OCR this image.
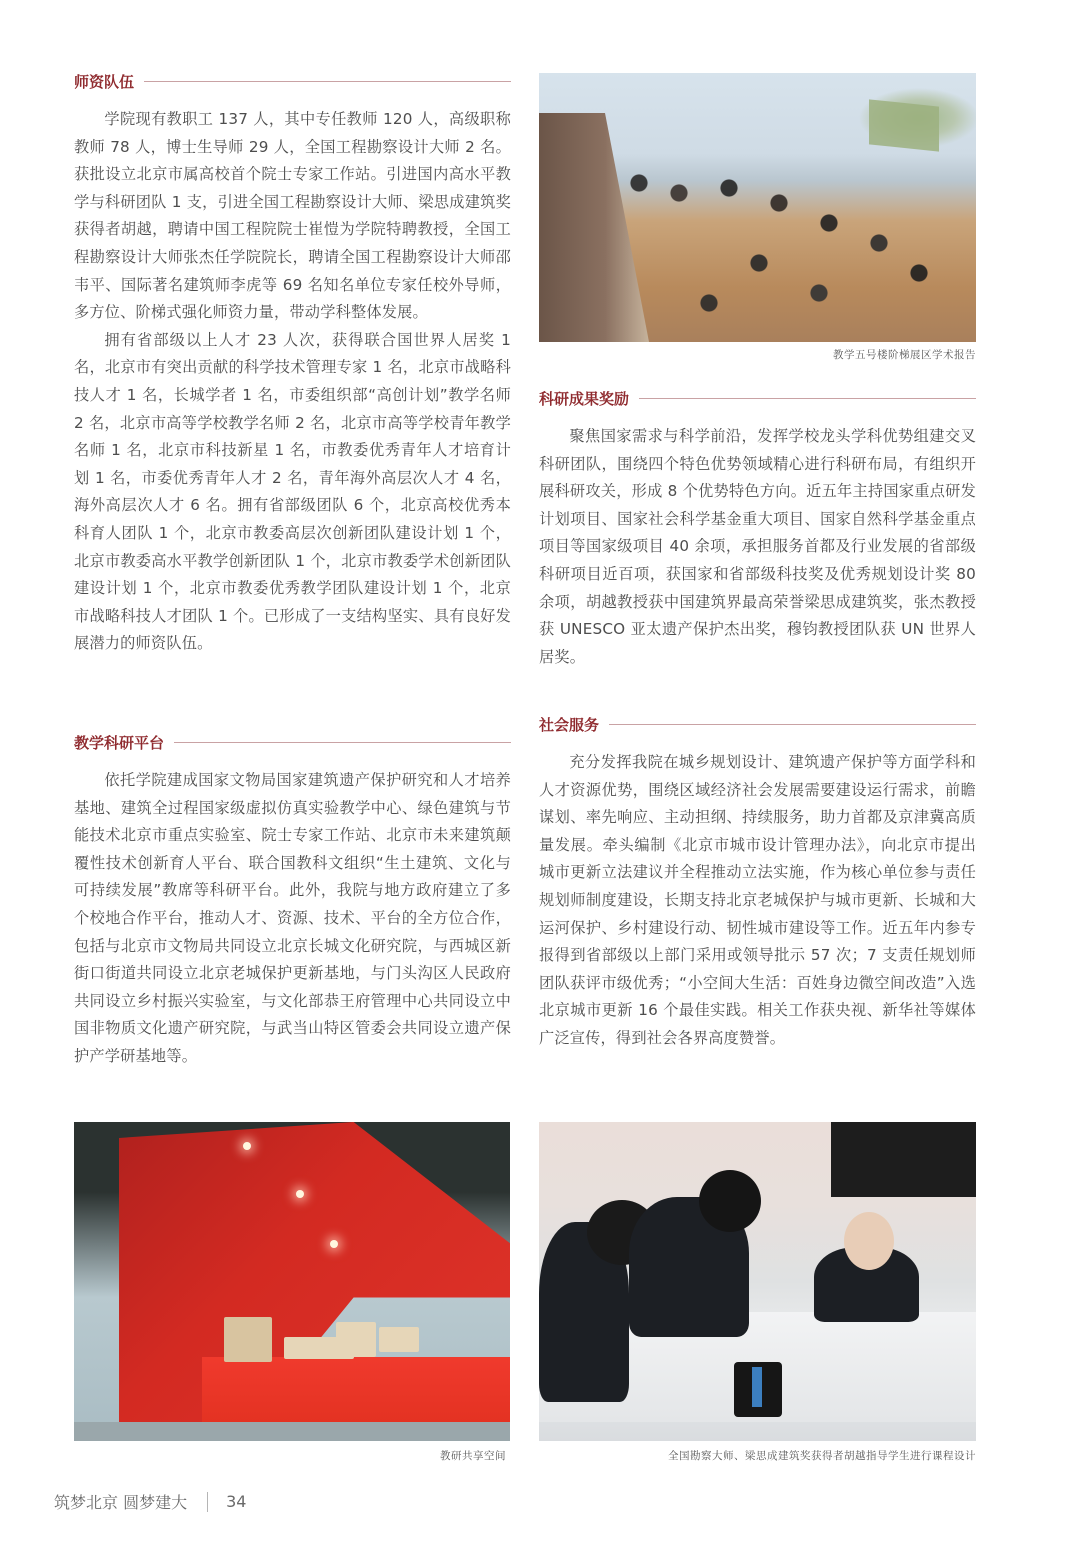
师资队伍

学院现有教职工 137 人，其中专任教师 120 人，高级职称教师 78 人，博士生导师 29 人，全国工程勘察设计大师 2 名。获批设立北京市属高校首个院士专家工作站。引进国内高水平教学与科研团队 1 支，引进全国工程勘察设计大师、梁思成建筑奖获得者胡越，聘请中国工程院院士崔愷为学院特聘教授，全国工程勘察设计大师张杰任学院院长，聘请全国工程勘察设计大师邵韦平、国际著名建筑师李虎等 69 名知名单位专家任校外导师，多方位、阶梯式强化师资力量，带动学科整体发展。

拥有省部级以上人才 23 人次，获得联合国世界人居奖 1 名，北京市有突出贡献的科学技术管理专家 1 名，北京市战略科技人才 1 名，长城学者 1 名，市委组织部“高创计划”教学名师 2 名，北京市高等学校教学名师 2 名，北京市高等学校青年教学名师 1 名，北京市科技新星 1 名，市教委优秀青年人才培育计划 1 名，市委优秀青年人才 2 名，青年海外高层次人才 4 名，海外高层次人才 6 名。拥有省部级团队 6 个，北京高校优秀本科育人团队 1 个，北京市教委高层次创新团队建设计划 1 个，北京市教委高水平教学创新团队 1 个，北京市教委学术创新团队建设计划 1 个，北京市教委优秀教学团队建设计划 1 个，北京市战略科技人才团队 1 个。已形成了一支结构坚实、具有良好发展潜力的师资队伍。

教学科研平台

依托学院建成国家文物局国家建筑遗产保护研究和人才培养基地、建筑全过程国家级虚拟仿真实验教学中心、绿色建筑与节能技术北京市重点实验室、院士专家工作站、北京市未来建筑颠覆性技术创新育人平台、联合国教科文组织“生土建筑、文化与可持续发展”教席等科研平台。此外，我院与地方政府建立了多个校地合作平台，推动人才、资源、技术、平台的全方位合作，包括与北京市文物局共同设立北京长城文化研究院，与西城区新街口街道共同设立北京老城保护更新基地，与门头沟区人民政府共同设立乡村振兴实验室，与文化部恭王府管理中心共同设立中国非物质文化遗产研究院，与武当山特区管委会共同设立遗产保护产学研基地等。

教学五号楼阶梯展区学术报告
科研成果奖励

聚焦国家需求与科学前沿，发挥学校龙头学科优势组建交叉科研团队，围绕四个特色优势领域精心进行科研布局，有组织开展科研攻关，形成 8 个优势特色方向。近五年主持国家重点研发计划项目、国家社会科学基金重大项目、国家自然科学基金重点项目等国家级项目 40 余项，承担服务首都及行业发展的省部级科研项目近百项，获国家和省部级科技奖及优秀规划设计奖 80 余项，胡越教授获中国建筑界最高荣誉梁思成建筑奖，张杰教授获 UNESCO 亚太遗产保护杰出奖，穆钧教授团队获 UN 世界人居奖。

社会服务

充分发挥我院在城乡规划设计、建筑遗产保护等方面学科和人才资源优势，围绕区域经济社会发展需要建设运行需求，前瞻谋划、率先响应、主动担纲、持续服务，助力首都及京津冀高质量发展。牵头编制《北京市城市设计管理办法》，向北京市提出城市更新立法建议并全程推动立法实施，作为核心单位参与责任规划师制度建设，长期支持北京老城保护与城市更新、长城和大运河保护、乡村建设行动、韧性城市建设等工作。近五年内参专报得到省部级以上部门采用或领导批示 57 次；7 支责任规划师团队获评市级优秀；“小空间大生活：百姓身边微空间改造”入选北京城市更新 16 个最佳实践。相关工作获央视、新华社等媒体广泛宣传，得到社会各界高度赞誉。

教研共享空间	全国勘察大师、梁思成建筑奖获得者胡越指导学生进行课程设计
筑梦北京 圆梦建大 34
